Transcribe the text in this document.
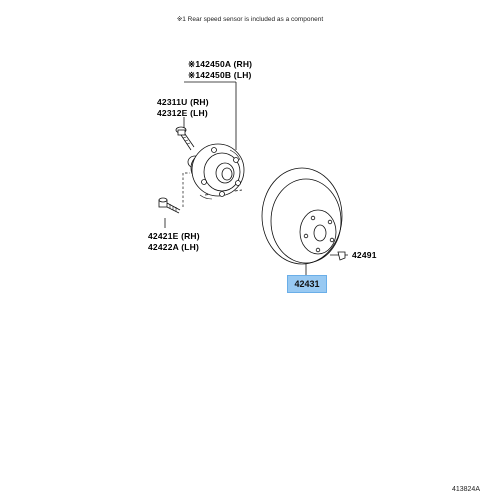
※1 Rear speed sensor is included as a component
※142450A (RH)
※142450B (LH)
42311U (RH)
42312E (LH)
42421E (RH)
42422A (LH)
42491
42431
413824A
